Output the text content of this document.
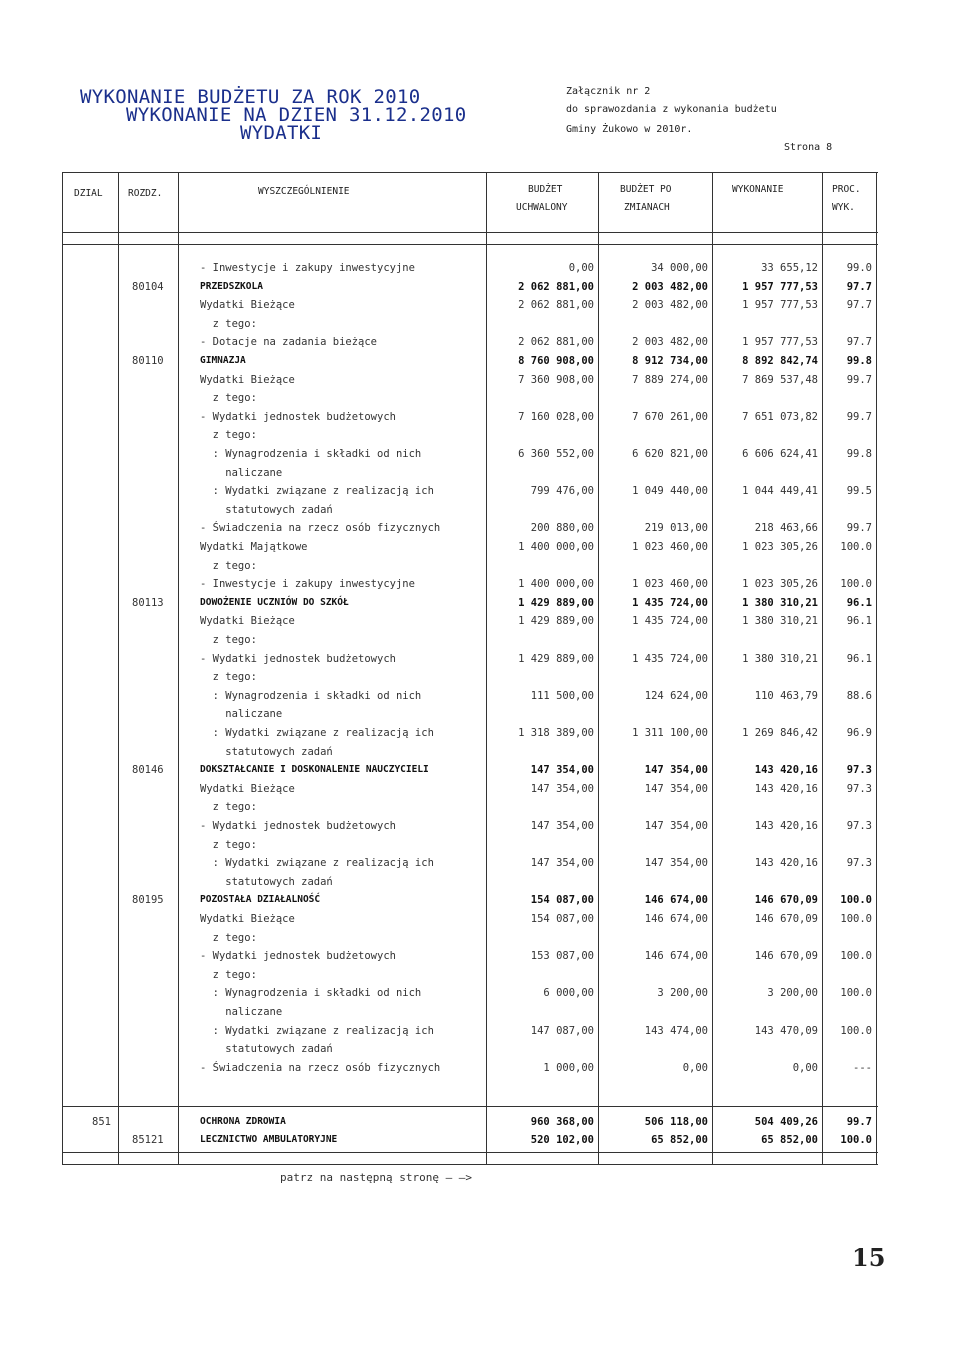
WYKONANIE BUDŻETU ZA ROK 2010
WYKONANIE NA DZIEN 31.12.2010
WYDATKI
Załącznik nr 2
do sprawozdania z wykonania budżetu
Gminy Żukowo w 2010r.
Strona 8
DZIAL	ROZDZ.	WYSZCZEGÓLNIENIE	BUDŻET
UCHWALONY
BUDŻET PO
ZMIANACH
WYKONANIE	PROC.
WYK.
- Inwestycje i zakupy inwestycyjne	0,00	34 000,00	33 655,12	99.0
80104	PRZEDSZKOLA	2 062 881,00	2 003 482,00	1 957 777,53	97.7
Wydatki Bieżące	2 062 881,00	2 003 482,00	1 957 777,53	97.7
z tego:
- Dotacje na zadania bieżące	2 062 881,00	2 003 482,00	1 957 777,53	97.7
80110	GIMNAZJA	8 760 908,00	8 912 734,00	8 892 842,74	99.8
Wydatki Bieżące	7 360 908,00	7 889 274,00	7 869 537,48	99.7
z tego:
- Wydatki jednostek budżetowych	7 160 028,00	7 670 261,00	7 651 073,82	99.7
z tego:
: Wynagrodzenia i składki od nich	6 360 552,00	6 620 821,00	6 606 624,41	99.8
naliczane
: Wydatki związane z realizacją ich	799 476,00	1 049 440,00	1 044 449,41	99.5
statutowych zadań
- Świadczenia na rzecz osób fizycznych	200 880,00	219 013,00	218 463,66	99.7
Wydatki Majątkowe	1 400 000,00	1 023 460,00	1 023 305,26	100.0
z tego:
- Inwestycje i zakupy inwestycyjne	1 400 000,00	1 023 460,00	1 023 305,26	100.0
80113	DOWOŻENIE UCZNIÓW DO SZKÓŁ	1 429 889,00	1 435 724,00	1 380 310,21	96.1
Wydatki Bieżące	1 429 889,00	1 435 724,00	1 380 310,21	96.1
z tego:
- Wydatki jednostek budżetowych	1 429 889,00	1 435 724,00	1 380 310,21	96.1
z tego:
: Wynagrodzenia i składki od nich	111 500,00	124 624,00	110 463,79	88.6
naliczane
: Wydatki związane z realizacją ich	1 318 389,00	1 311 100,00	1 269 846,42	96.9
statutowych zadań
80146	DOKSZTAŁCANIE I DOSKONALENIE NAUCZYCIELI	147 354,00	147 354,00	143 420,16	97.3
Wydatki Bieżące	147 354,00	147 354,00	143 420,16	97.3
z tego:
- Wydatki jednostek budżetowych	147 354,00	147 354,00	143 420,16	97.3
z tego:
: Wydatki związane z realizacją ich	147 354,00	147 354,00	143 420,16	97.3
statutowych zadań
80195	POZOSTAŁA DZIAŁALNOŚĆ	154 087,00	146 674,00	146 670,09	100.0
Wydatki Bieżące	154 087,00	146 674,00	146 670,09	100.0
z tego:
- Wydatki jednostek budżetowych	153 087,00	146 674,00	146 670,09	100.0
z tego:
: Wynagrodzenia i składki od nich	6 000,00	3 200,00	3 200,00	100.0
naliczane
: Wydatki związane z realizacją ich	147 087,00	143 474,00	143 470,09	100.0
statutowych zadań
- Świadczenia na rzecz osób fizycznych	1 000,00	0,00	0,00	---
851	OCHRONA ZDROWIA	960 368,00	506 118,00	504 409,26	99.7
85121	LECZNICTWO AMBULATORYJNE	520 102,00	65 852,00	65 852,00	100.0
patrz na następną stronę — —>
15
